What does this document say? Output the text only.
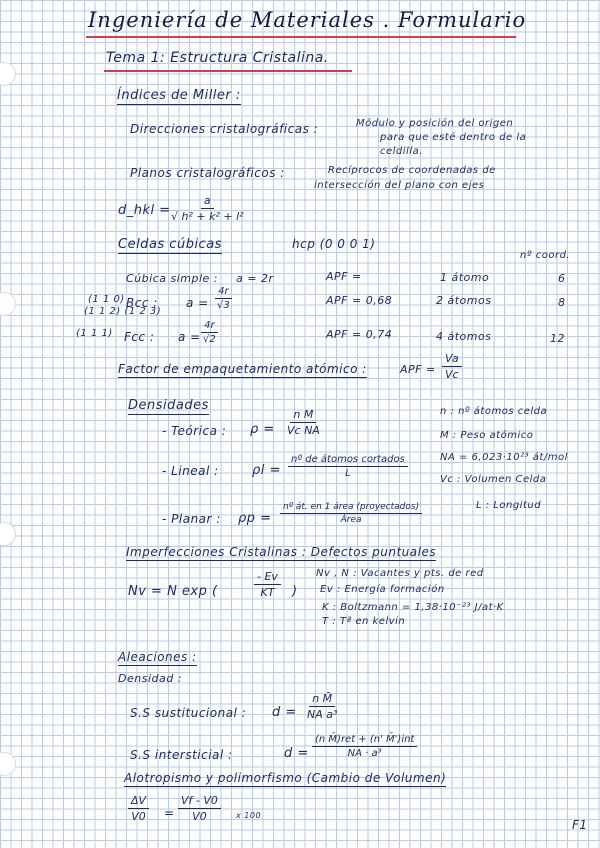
Ingeniería de Materiales . Formulario
Tema 1: Estructura Cristalina.
Índices de Miller :
Direcciones cristalográficas :	Módulo y posición del origen
para que esté dentro de la
celdilla.
Planos cristalográficos :	Recíprocos de coordenadas de
intersección del plano con ejes
d_hkl =
$\frac{a}{\text{√ h² + k² + l²}}$
Celdas cúbicas	hcp (0 0 0 1)
nº coord.
Cúbica simple : a = 2r	APF =	1 átomo	6
(1 1 0)
(1 1 2) (1 2 3)
Bcc : $a = \frac{4r}{√3}$	APF = 0,68	2 átomos	8
(1 1 1) Fcc : $a = \frac{4r}{√2}$	APF = 0,74	4 átomos	12
Factor de empaquetamiento atómico :	APF = $\frac{Va}{Vc}$
Densidades
- Teórica : $\rho = \frac{\text{n M}}{\text{Vc NA}}$
- Lineal :	ρl =
nº de átomos cortados
L
- Planar : ρp =
nº át. en 1 área (proyectados)
Área
n : nº átomos celda
M : Peso atómico
NA = 6,023·10²³ át/mol
Vc : Volumen Celda
L : Longitud
Imperfecciones Cristalinas : Defectos puntuales
Nv = N exp (	$\frac{- Ev}{KT}$ )
Nv , N : Vacantes y pts. de red
Ev : Energía formación
K : Boltzmann = 1,38·10⁻²³ J/at·K
T : Tª en kelvin
Aleaciones :
Densidad :
S.S sustitucional : $d = \frac{\text{n M̄}}{\text{NA a³}}$
S.S intersticial :	d =
(n M̄)ret + (n' M̄')int
NA · a³
Alotropismo y polimorfismo (Cambio de Volumen)
$\frac{\Delta V}{V0} = \frac{Vf - V0}{V0}$ x 100
F1
